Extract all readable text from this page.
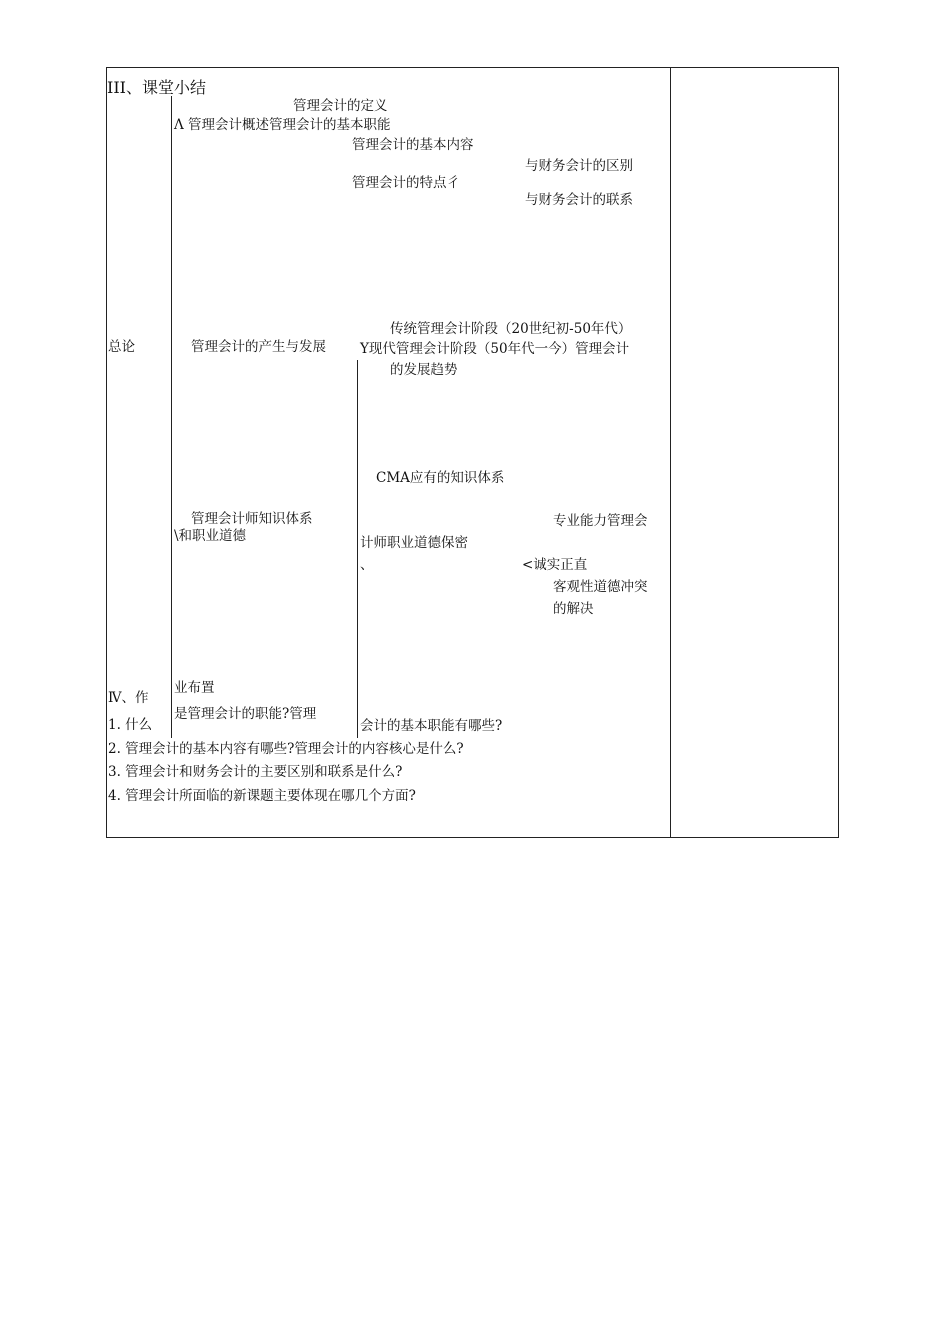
III、课堂小结
管理会计的定义
Λ 管理会计概述管理会计的基本职能
管理会计的基本内容
与财务会计的区别
管理会计的特点彳
与财务会计的联系
总论	管理会计的产生与发展
传统管理会计阶段（20世纪初-50年代）
Y现代管理会计阶段（50年代一今）管理会计
的发展趋势
CMA应有的知识体系
管理会计师知识体系
\和职业道德
专业能力管理会
计师职业道德保密
、	<诚实正直
客观性道德冲突
的解决
Ⅳ、作
业布置
是管理会计的职能?管理
1. 什么	会计的基本职能有哪些?
2. 管理会计的基本内容有哪些?管理会计的内容核心是什么?
3. 管理会计和财务会计的主要区别和联系是什么?
4. 管理会计所面临的新课题主要体现在哪几个方面?
